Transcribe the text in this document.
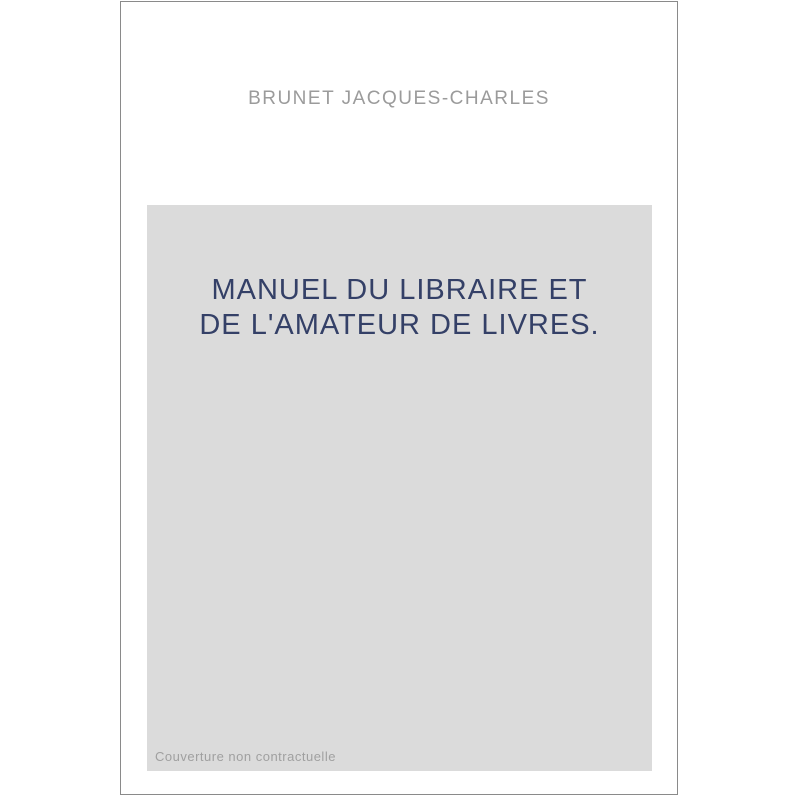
BRUNET JACQUES-CHARLES
MANUEL DU LIBRAIRE ET
DE L'AMATEUR DE LIVRES.
Couverture non contractuelle
